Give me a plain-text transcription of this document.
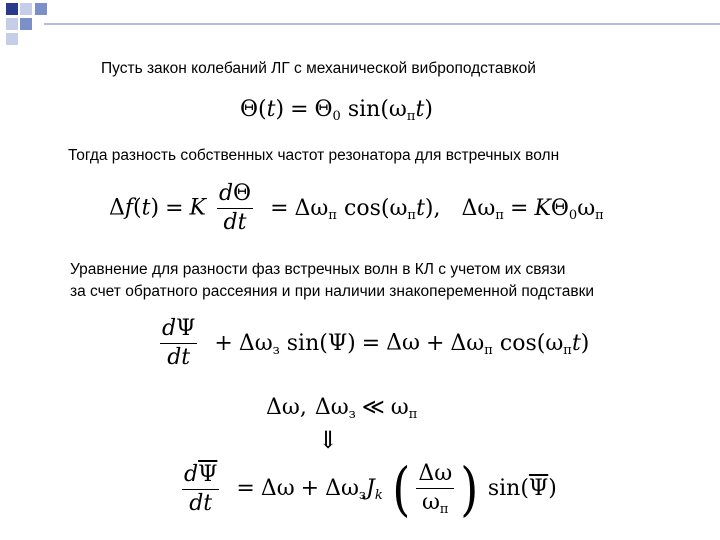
Пусть закон колебаний ЛГ с механической виброподставкой
$\Theta(t) = \Theta_0$ $\sin(\omega_пt)$
Тогда разность собственных частот резонатора для встречных волн
Δf(t) = K $\frac{d\Theta}{dt} = \Delta\omega_п$ $\cos(\omega_пt)$, $\Delta\omega_п = K\Theta_0\omega_п$
Уравнение для разности фаз встречных волн в КЛ с учетом их связи
за счет обратного рассеяния и при наличии знакопеременной подставки
$\frac{d\Psi}{dt} + \Delta\omega_з$ $\sin(\Psi) = \Delta\omega + \Delta\omega_п$ $\cos(\omega_пt)$
Δω, $\Delta\omega_з$ ≪ $\omega_п$
⇓
$\frac{d\overline{\Psi}}{dt} = \Delta\omega + \Delta\omega_зJ_k$ ( $\frac{\Delta\omega}{\omega_п}$ ) $\sin(\overline{\Psi})$
